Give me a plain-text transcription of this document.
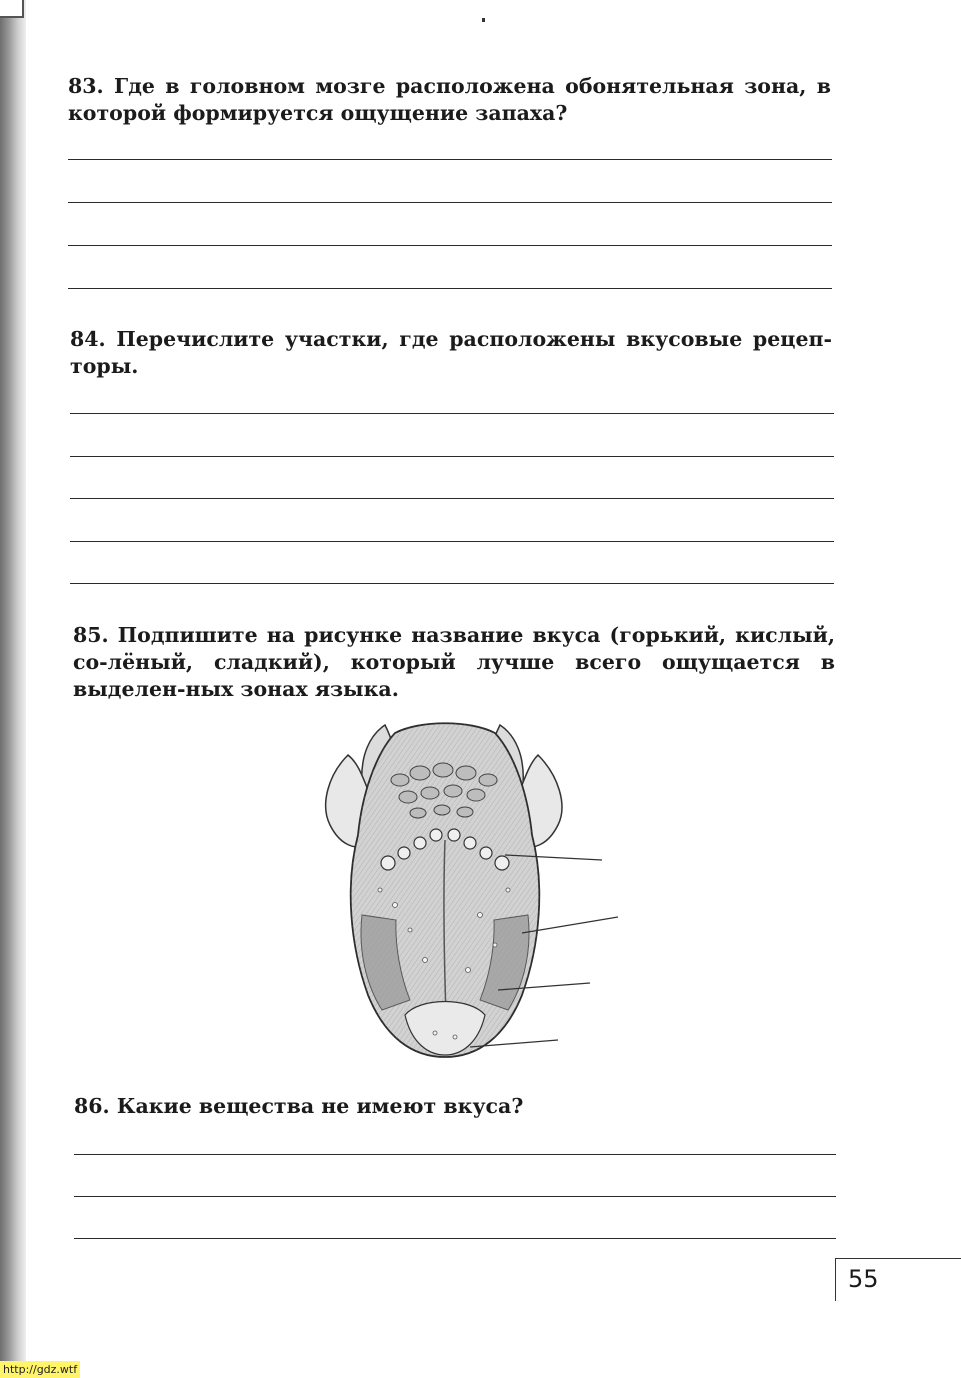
83. Где в головном мозге расположена обонятельная зона, в которой формируется ощущение запаха?

84. Перечислите участки, где расположены вкусовые рецеп-торы.

85. Подпишите на рисунке название вкуса (горький, кислый, со-лёный, сладкий), который лучше всего ощущается в выделен-ных зонах языка.

86. Какие вещества не имеют вкуса?

55
http://gdz.wtf
